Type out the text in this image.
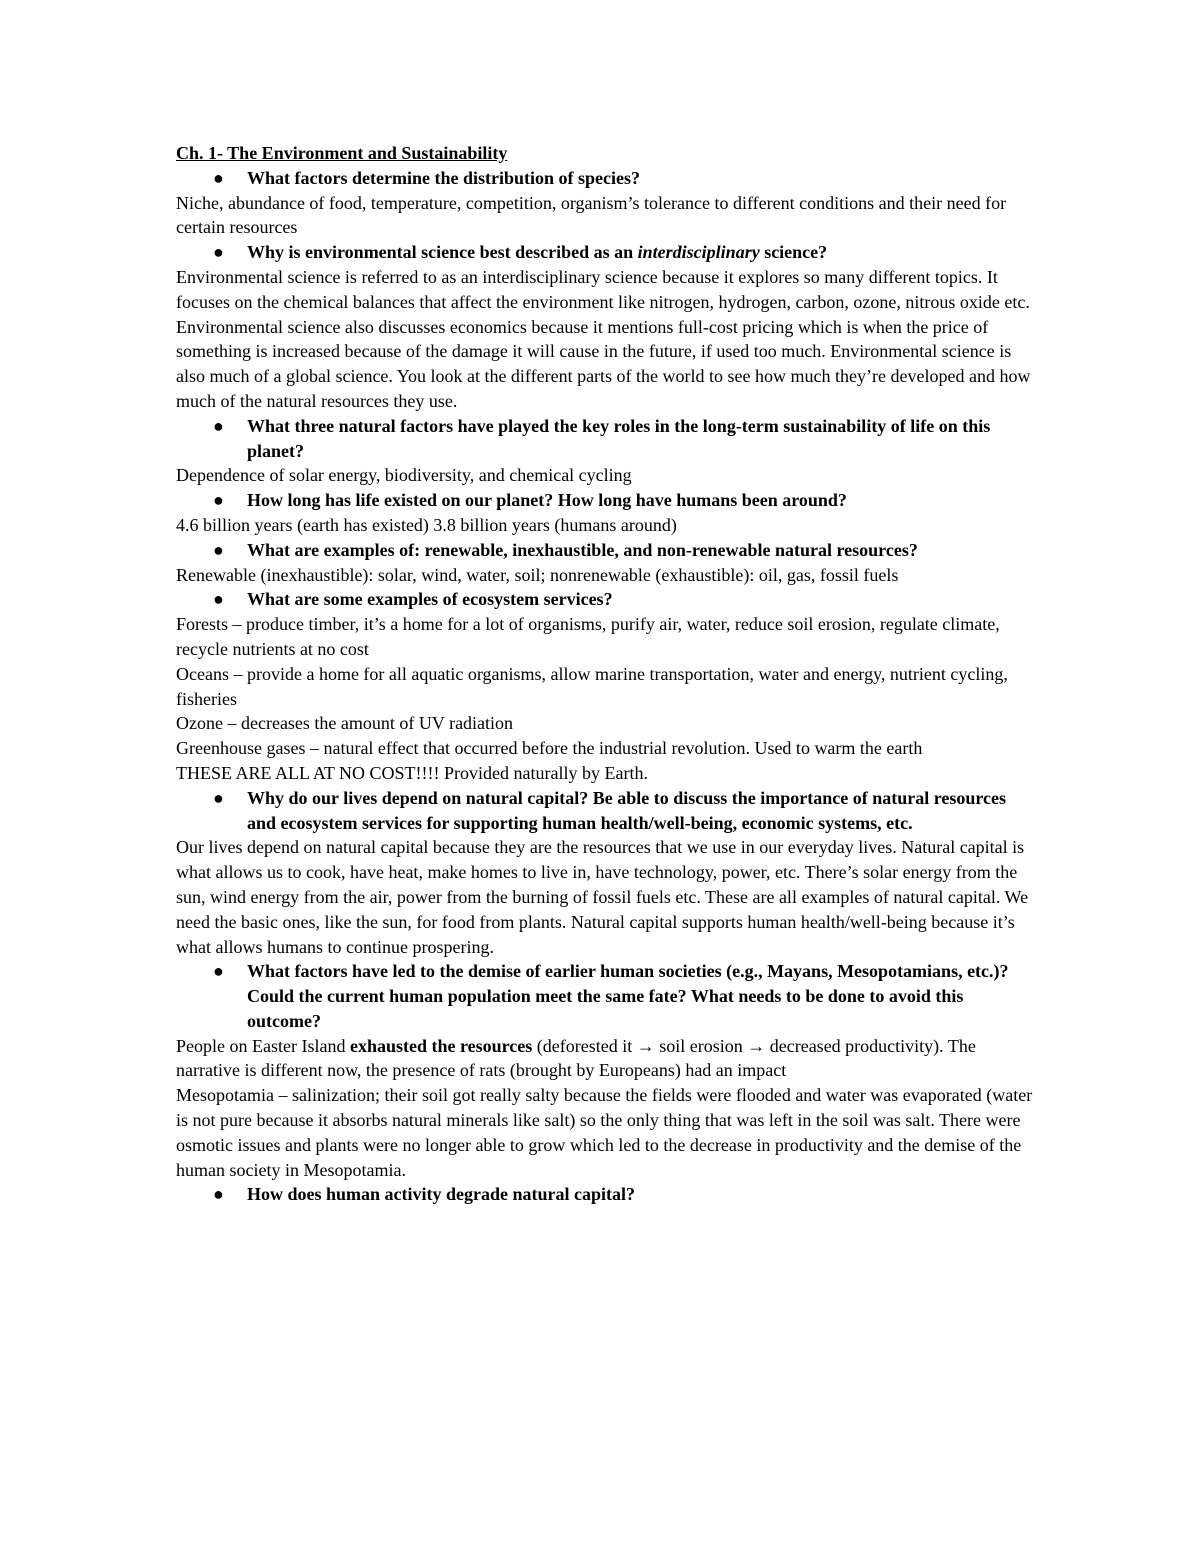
Ch. 1- The Environment and Sustainability

● What factors determine the distribution of species?

Niche, abundance of food, temperature, competition, organism’s tolerance to different conditions and their need for certain resources

● Why is environmental science best described as an interdisciplinary science?

Environmental science is referred to as an interdisciplinary science because it explores so many different topics. It focuses on the chemical balances that affect the environment like nitrogen, hydrogen, carbon, ozone, nitrous oxide etc. Environmental science also discusses economics because it mentions full-cost pricing which is when the price of something is increased because of the damage it will cause in the future, if used too much. Environmental science is also much of a global science. You look at the different parts of the world to see how much they’re developed and how much of the natural resources they use.

● What three natural factors have played the key roles in the long-term sustainability of life on this planet?

Dependence of solar energy, biodiversity, and chemical cycling

● How long has life existed on our planet? How long have humans been around?

4.6 billion years (earth has existed) 3.8 billion years (humans around)

● What are examples of: renewable, inexhaustible, and non-renewable natural resources?

Renewable (inexhaustible): solar, wind, water, soil; nonrenewable (exhaustible): oil, gas, fossil fuels

● What are some examples of ecosystem services?

Forests – produce timber, it’s a home for a lot of organisms, purify air, water, reduce soil erosion, regulate climate, recycle nutrients at no cost

Oceans – provide a home for all aquatic organisms, allow marine transportation, water and energy, nutrient cycling, fisheries

Ozone – decreases the amount of UV radiation

Greenhouse gases – natural effect that occurred before the industrial revolution. Used to warm the earth

THESE ARE ALL AT NO COST!!!! Provided naturally by Earth.

● Why do our lives depend on natural capital? Be able to discuss the importance of natural resources and ecosystem services for supporting human health/well-being, economic systems, etc.

Our lives depend on natural capital because they are the resources that we use in our everyday lives. Natural capital is what allows us to cook, have heat, make homes to live in, have technology, power, etc. There’s solar energy from the sun, wind energy from the air, power from the burning of fossil fuels etc. These are all examples of natural capital. We need the basic ones, like the sun, for food from plants. Natural capital supports human health/well-being because it’s what allows humans to continue prospering.

● What factors have led to the demise of earlier human societies (e.g., Mayans, Mesopotamians, etc.)? Could the current human population meet the same fate? What needs to be done to avoid this outcome?

People on Easter Island exhausted the resources (deforested it → soil erosion → decreased productivity). The narrative is different now, the presence of rats (brought by Europeans) had an impact

Mesopotamia – salinization; their soil got really salty because the fields were flooded and water was evaporated (water is not pure because it absorbs natural minerals like salt) so the only thing that was left in the soil was salt. There were osmotic issues and plants were no longer able to grow which led to the decrease in productivity and the demise of the human society in Mesopotamia.

● How does human activity degrade natural capital?
